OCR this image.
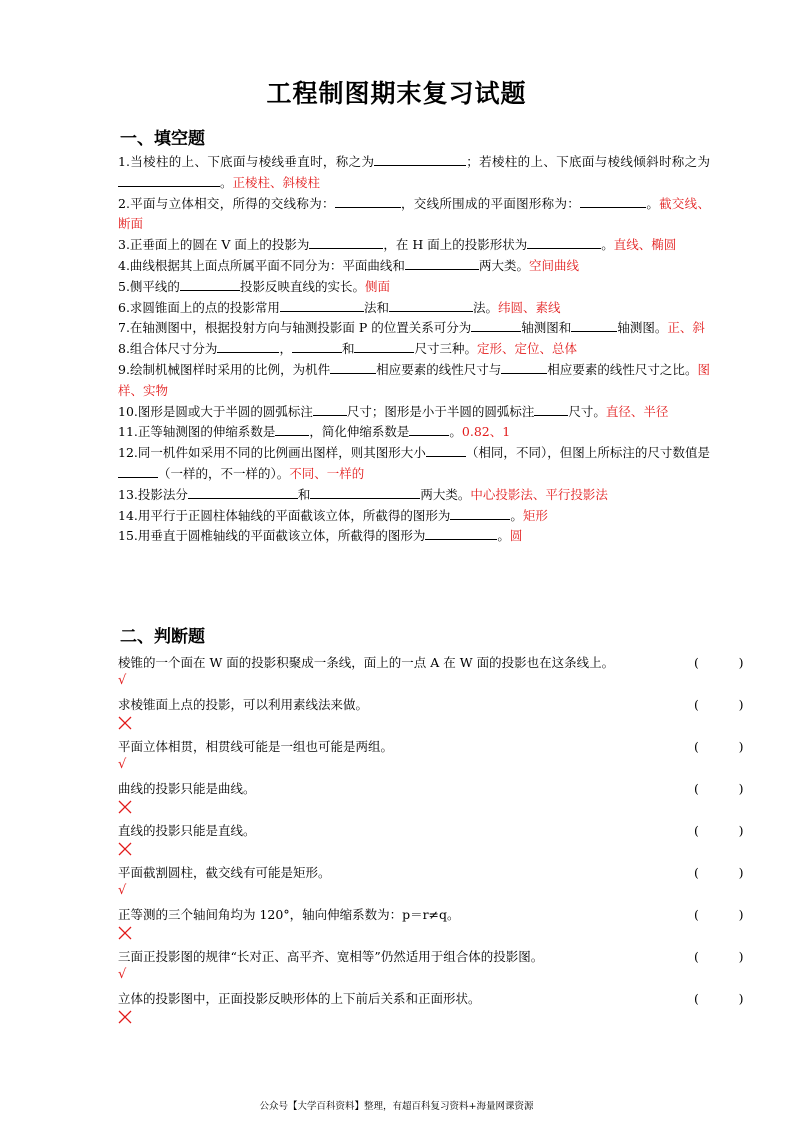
工程制图期末复习试题
一、填空题

1.当棱柱的上、下底面与棱线垂直时，称之为	；若棱柱的上、下底面与棱线倾斜时称之为。正棱柱、斜棱柱

2.平面与立体相交，所得的交线称为：	，交线所围成的平面图形称为：	。截交线、断面

3.正垂面上的圆在 V 面上的投影为	，在 H 面上的投影形状为	。直线、椭圆

4.曲线根据其上面点所属平面不同分为：平面曲线和	两大类。空间曲线

5.侧平线的	投影反映直线的实长。侧面

6.求圆锥面上的点的投影常用	法和	法。纬圆、素线

7.在轴测图中，根据投射方向与轴测投影面 P 的位置关系可分为	轴测图和	轴测图。正、斜

8.组合体尺寸分为	，	和	尺寸三种。定形、定位、总体

9.绘制机械图样时采用的比例，为机件	相应要素的线性尺寸与	相应要素的线性尺寸之比。图样、实物

10.图形是圆或大于半圆的圆弧标注	尺寸；图形是小于半圆的圆弧标注	尺寸。直径、半径

11.正等轴测图的伸缩系数是	，简化伸缩系数是	。0.82、1

12.同一机件如采用不同的比例画出图样，则其图形大小	（相同，不同），但图上所标注的尺寸数值是（一样的，不一样的）。不同、一样的

13.投影法分	和	两大类。中心投影法、平行投影法

14.用平行于正圆柱体轴线的平面截该立体，所截得的图形为	。矩形

15.用垂直于圆椎轴线的平面截该立体，所截得的图形为	。圆

二、判断题
棱锥的一个面在 W 面的投影积聚成一条线，面上的一点 A 在 W 面的投影也在这条线上。	(          )
√
求棱锥面上点的投影，可以利用素线法来做。	(          )
平面立体相贯，相贯线可能是一组也可能是两组。	(          )
√
曲线的投影只能是曲线。	(          )
直线的投影只能是直线。	(          )
平面截割圆柱，截交线有可能是矩形。	(          )
√
正等测的三个轴间角均为 120°，轴向伸缩系数为：p＝r≠q。	(          )
三面正投影图的规律“长对正、高平齐、宽相等”仍然适用于组合体的投影图。	(          )
√
立体的投影图中，正面投影反映形体的上下前后关系和正面形状。	(          )
公众号【大学百科资料】整理，有超百科复习资料+海量网课资源
